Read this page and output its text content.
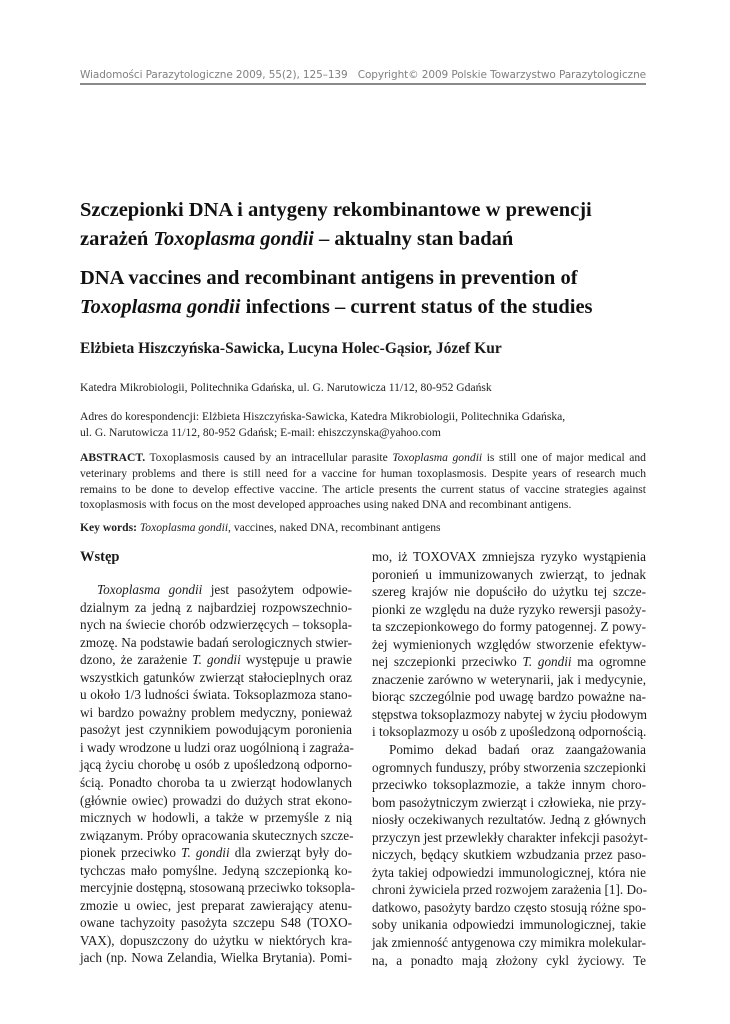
Wiadomości Parazytologiczne 2009, 55(2), 125–139 Copyright© 2009 Polskie Towarzystwo Parazytologiczne
Szczepionki DNA i antygeny rekombinantowe w prewencji
zarażeń Toxoplasma gondii – aktualny stan badań
DNA vaccines and recombinant antigens in prevention of
Toxoplasma gondii infections – current status of the studies
Elżbieta Hiszczyńska-Sawicka, Lucyna Holec-Gąsior, Józef Kur
Katedra Mikrobiologii, Politechnika Gdańska, ul. G. Narutowicza 11/12, 80-952 Gdańsk
Adres do korespondencji: Elżbieta Hiszczyńska-Sawicka, Katedra Mikrobiologii, Politechnika Gdańska,
ul. G. Narutowicza 11/12, 80-952 Gdańsk; E-mail: ehiszczynska@yahoo.com
ABSTRACT. Toxoplasmosis caused by an intracellular parasite Toxoplasma gondii is still one of major medical and veterinary problems and there is still need for a vaccine for human toxoplasmosis. Despite years of research much remains to be done to develop effective vaccine. The article presents the current status of vaccine strategies against toxoplasmosis with focus on the most developed approaches using naked DNA and recombinant antigens.
Key words: Toxoplasma gondii, vaccines, naked DNA, recombinant antigens
Wstęp

Toxoplasma gondii jest pasożytem odpowie-
dzialnym za jedną z najbardziej rozpowszechnio-
nych na świecie chorób odzwierzęcych – toksopla-
zmozę. Na podstawie badań serologicznych stwier-
dzono, że zarażenie T. gondii występuje u prawie
wszystkich gatunków zwierząt stałocieplnych oraz
u około 1/3 ludności świata. Toksoplazmoza stano-
wi bardzo poważny problem medyczny, ponieważ
pasożyt jest czynnikiem powodującym poronienia
i wady wrodzone u ludzi oraz uogólnioną i zagraża-
jącą życiu chorobę u osób z upośledzoną odporno-
ścią. Ponadto choroba ta u zwierząt hodowlanych
(głównie owiec) prowadzi do dużych strat ekono-
micznych w hodowli, a także w przemyśle z nią
związanym. Próby opracowania skutecznych szcze-
pionek przeciwko T. gondii dla zwierząt były do-
tychczas mało pomyślne. Jedyną szczepionką ko-
mercyjnie dostępną, stosowaną przeciwko toksopla-
zmozie u owiec, jest preparat zawierający atenu-
owane tachyzoity pasożyta szczepu S48 (TOXO-
VAX), dopuszczony do użytku w niektórych kra-
jach (np. Nowa Zelandia, Wielka Brytania). Pomi-

mo, iż TOXOVAX zmniejsza ryzyko wystąpienia
poronień u immunizowanych zwierząt, to jednak
szereg krajów nie dopuściło do użytku tej szcze-
pionki ze względu na duże ryzyko rewersji pasoży-
ta szczepionkowego do formy patogennej. Z powy-
żej wymienionych względów stworzenie efektyw-
nej szczepionki przeciwko T. gondii ma ogromne
znaczenie zarówno w weterynarii, jak i medycynie,
biorąc szczególnie pod uwagę bardzo poważne na-
stępstwa toksoplazmozy nabytej w życiu płodowym
i toksoplazmozy u osób z upośledzoną odpornością.

Pomimo dekad badań oraz zaangażowania
ogromnych funduszy, próby stworzenia szczepionki
przeciwko toksoplazmozie, a także innym choro-
bom pasożytniczym zwierząt i człowieka, nie przy-
niosły oczekiwanych rezultatów. Jedną z głównych
przyczyn jest przewlekły charakter infekcji pasożyt-
niczych, będący skutkiem wzbudzania przez paso-
żyta takiej odpowiedzi immunologicznej, która nie
chroni żywiciela przed rozwojem zarażenia [1]. Do-
datkowo, pasożyty bardzo często stosują różne spo-
soby unikania odpowiedzi immunologicznej, takie
jak zmienność antygenowa czy mimikra molekular-
na, a ponadto mają złożony cykl życiowy. Te
